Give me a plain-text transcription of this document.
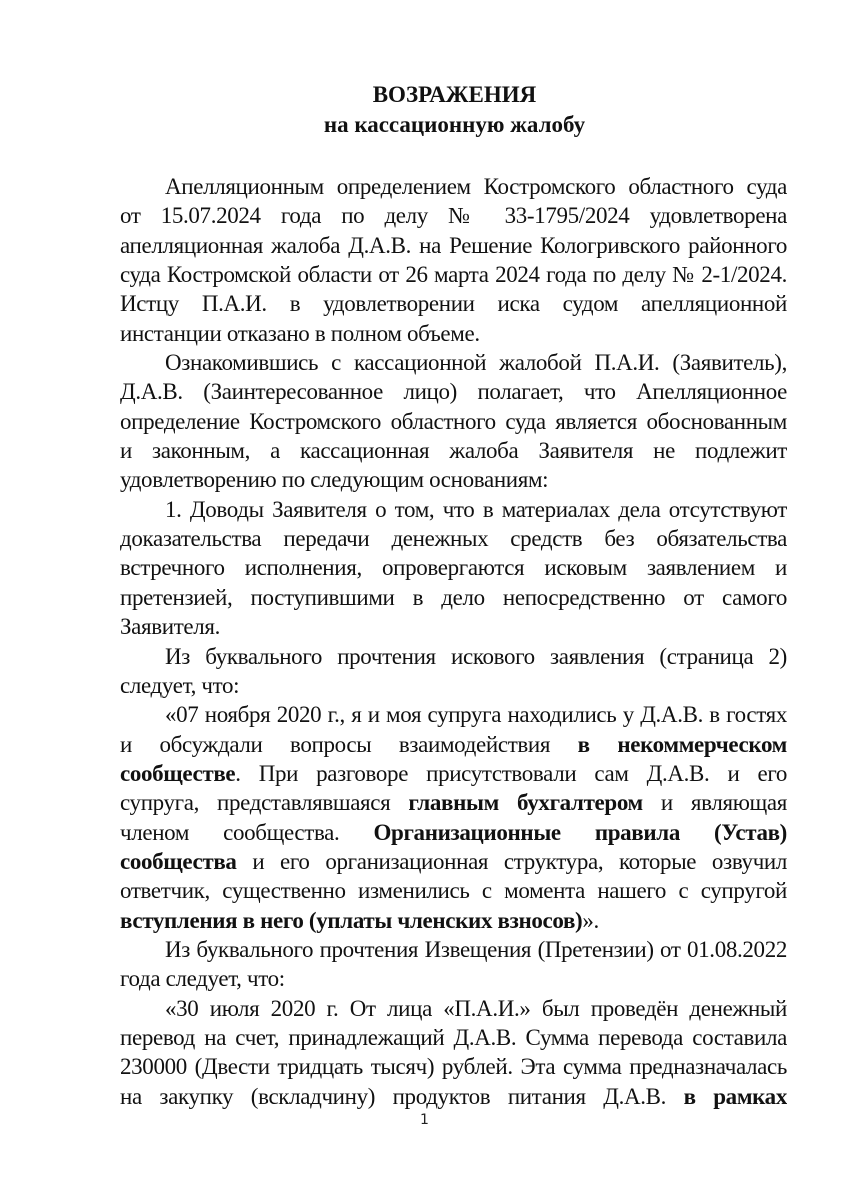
ВОЗРАЖЕНИЯ
на кассационную жалобу
Апелляционным определением Костромского областного суда
от 15.07.2024 года по делу № 33-1795/2024 удовлетворена
апелляционная жалоба Д.А.В. на Решение Кологривского районного
суда Костромской области от 26 марта 2024 года по делу № 2-1/2024.
Истцу П.А.И. в удовлетворении иска судом апелляционной
инстанции отказано в полном объеме.
Ознакомившись с кассационной жалобой П.А.И. (Заявитель),
Д.А.В. (Заинтересованное лицо) полагает, что Апелляционное
определение Костромского областного суда является обоснованным
и законным, а кассационная жалоба Заявителя не подлежит
удовлетворению по следующим основаниям:
1. Доводы Заявителя о том, что в материалах дела отсутствуют
доказательства передачи денежных средств без обязательства
встречного исполнения, опровергаются исковым заявлением и
претензией, поступившими в дело непосредственно от самого
Заявителя.
Из буквального прочтения искового заявления (страница 2)
следует, что:
«07 ноября 2020 г., я и моя супруга находились у Д.А.В. в гостях
и обсуждали вопросы взаимодействия в некоммерческом
сообществе. При разговоре присутствовали сам Д.А.В. и его
супруга, представлявшаяся главным бухгалтером и являющая
членом сообщества. Организационные правила (Устав)
сообщества и его организационная структура, которые озвучил
ответчик, существенно изменились с момента нашего с супругой
вступления в него (уплаты членских взносов)».
Из буквального прочтения Извещения (Претензии) от 01.08.2022
года следует, что:
«30 июля 2020 г. От лица «П.А.И.» был проведён денежный
перевод на счет, принадлежащий Д.А.В. Сумма перевода составила
230000 (Двести тридцать тысяч) рублей. Эта сумма предназначалась
на закупку (вскладчину) продуктов питания Д.А.В. в рамках
1
